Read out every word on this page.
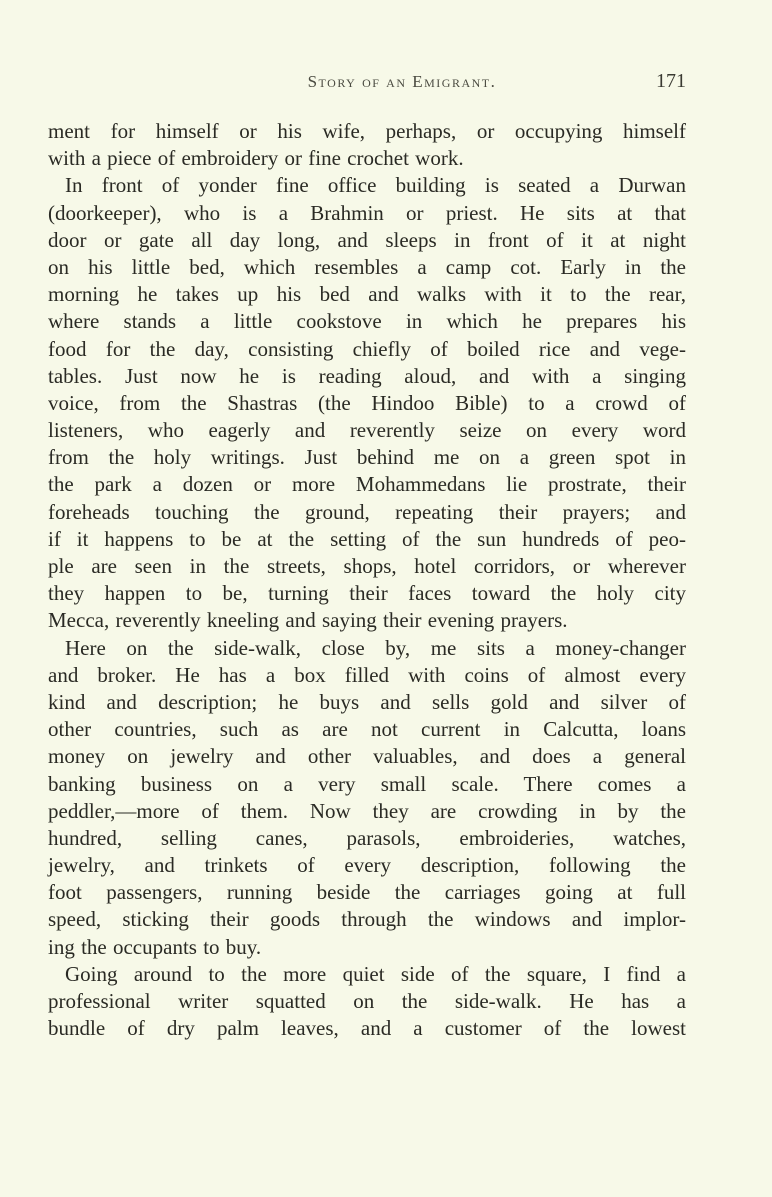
Story of an Emigrant.	171
ment for himself or his wife, perhaps, or occupying himself
with a piece of embroidery or fine crochet work.
In front of yonder fine office building is seated a Durwan
(doorkeeper), who is a Brahmin or priest. He sits at that
door or gate all day long, and sleeps in front of it at night
on his little bed, which resembles a camp cot. Early in the
morning he takes up his bed and walks with it to the rear,
where stands a little cookstove in which he prepares his
food for the day, consisting chiefly of boiled rice and vege-
tables. Just now he is reading aloud, and with a singing
voice, from the Shastras (the Hindoo Bible) to a crowd of
listeners, who eagerly and reverently seize on every word
from the holy writings. Just behind me on a green spot in
the park a dozen or more Mohammedans lie prostrate, their
foreheads touching the ground, repeating their prayers; and
if it happens to be at the setting of the sun hundreds of peo-
ple are seen in the streets, shops, hotel corridors, or wherever
they happen to be, turning their faces toward the holy city
Mecca, reverently kneeling and saying their evening prayers.
Here on the side-walk, close by, me sits a money-changer
and broker. He has a box filled with coins of almost every
kind and description; he buys and sells gold and silver of
other countries, such as are not current in Calcutta, loans
money on jewelry and other valuables, and does a general
banking business on a very small scale. There comes a
peddler,—more of them. Now they are crowding in by the
hundred, selling canes, parasols, embroideries, watches,
jewelry, and trinkets of every description, following the
foot passengers, running beside the carriages going at full
speed, sticking their goods through the windows and implor-
ing the occupants to buy.
Going around to the more quiet side of the square, I find a
professional writer squatted on the side-walk. He has a
bundle of dry palm leaves, and a customer of the lowest
